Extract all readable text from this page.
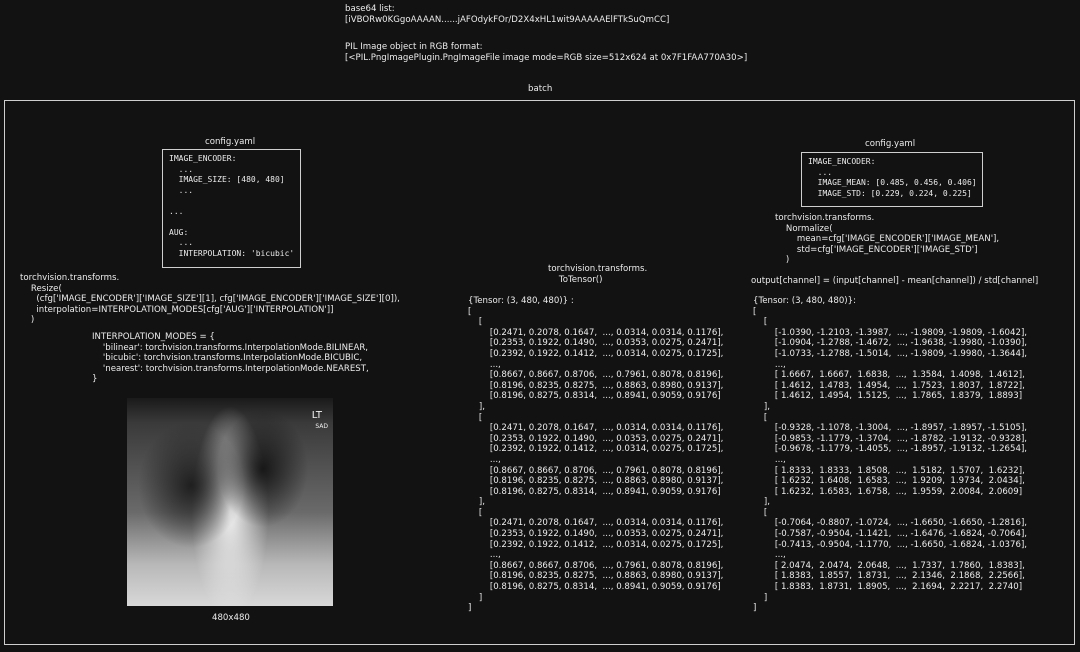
base64 list:
[iVBORw0KGgoAAAAN......jAFOdykFOr/D2X4xHL1wit9AAAAAElFTkSuQmCC]
PIL Image object in RGB format:
[<PIL.PngImagePlugin.PngImageFile image mode=RGB size=512x624 at 0x7F1FAA770A30>]
batch
config.yaml
IMAGE_ENCODER:
...
IMAGE_SIZE: [480, 480]
...

...

AUG:
...
INTERPOLATION: 'bicubic'
torchvision.transforms.
Resize(
(cfg['IMAGE_ENCODER']['IMAGE_SIZE'][1], cfg['IMAGE_ENCODER']['IMAGE_SIZE'][0]),
interpolation=INTERPOLATION_MODES[cfg['AUG']['INTERPOLATION']]
)
INTERPOLATION_MODES = {
'bilinear': torchvision.transforms.InterpolationMode.BILINEAR,
'bicubic': torchvision.transforms.InterpolationMode.BICUBIC,
'nearest': torchvision.transforms.InterpolationMode.NEAREST,
}
LT
SAD
480x480
torchvision.transforms.
ToTensor()
{Tensor: (3, 480, 480)} :
[
[
[0.2471, 0.2078, 0.1647,  ..., 0.0314, 0.0314, 0.1176],
[0.2353, 0.1922, 0.1490,  ..., 0.0353, 0.0275, 0.2471],
[0.2392, 0.1922, 0.1412,  ..., 0.0314, 0.0275, 0.1725],
...,
[0.8667, 0.8667, 0.8706,  ..., 0.7961, 0.8078, 0.8196],
[0.8196, 0.8235, 0.8275,  ..., 0.8863, 0.8980, 0.9137],
[0.8196, 0.8275, 0.8314,  ..., 0.8941, 0.9059, 0.9176]
],
[
[0.2471, 0.2078, 0.1647,  ..., 0.0314, 0.0314, 0.1176],
[0.2353, 0.1922, 0.1490,  ..., 0.0353, 0.0275, 0.2471],
[0.2392, 0.1922, 0.1412,  ..., 0.0314, 0.0275, 0.1725],
...,
[0.8667, 0.8667, 0.8706,  ..., 0.7961, 0.8078, 0.8196],
[0.8196, 0.8235, 0.8275,  ..., 0.8863, 0.8980, 0.9137],
[0.8196, 0.8275, 0.8314,  ..., 0.8941, 0.9059, 0.9176]
],
[
[0.2471, 0.2078, 0.1647,  ..., 0.0314, 0.0314, 0.1176],
[0.2353, 0.1922, 0.1490,  ..., 0.0353, 0.0275, 0.2471],
[0.2392, 0.1922, 0.1412,  ..., 0.0314, 0.0275, 0.1725],
...,
[0.8667, 0.8667, 0.8706,  ..., 0.7961, 0.8078, 0.8196],
[0.8196, 0.8235, 0.8275,  ..., 0.8863, 0.8980, 0.9137],
[0.8196, 0.8275, 0.8314,  ..., 0.8941, 0.9059, 0.9176]
]
]
config.yaml
IMAGE_ENCODER:
...
IMAGE_MEAN: [0.485, 0.456, 0.406]
IMAGE_STD: [0.229, 0.224, 0.225]
torchvision.transforms.
Normalize(
mean=cfg['IMAGE_ENCODER']['IMAGE_MEAN'],
std=cfg['IMAGE_ENCODER']['IMAGE_STD']
)
output[channel] = (input[channel] - mean[channel]) / std[channel]
{Tensor: (3, 480, 480)}:
[
[
[-1.0390, -1.2103, -1.3987,  ..., -1.9809, -1.9809, -1.6042],
[-1.0904, -1.2788, -1.4672,  ..., -1.9638, -1.9980, -1.0390],
[-1.0733, -1.2788, -1.5014,  ..., -1.9809, -1.9980, -1.3644],
...,
[ 1.6667,  1.6667,  1.6838,  ...,  1.3584,  1.4098,  1.4612],
[ 1.4612,  1.4783,  1.4954,  ...,  1.7523,  1.8037,  1.8722],
[ 1.4612,  1.4954,  1.5125,  ...,  1.7865,  1.8379,  1.8893]
],
[
[-0.9328, -1.1078, -1.3004,  ..., -1.8957, -1.8957, -1.5105],
[-0.9853, -1.1779, -1.3704,  ..., -1.8782, -1.9132, -0.9328],
[-0.9678, -1.1779, -1.4055,  ..., -1.8957, -1.9132, -1.2654],
...,
[ 1.8333,  1.8333,  1.8508,  ...,  1.5182,  1.5707,  1.6232],
[ 1.6232,  1.6408,  1.6583,  ...,  1.9209,  1.9734,  2.0434],
[ 1.6232,  1.6583,  1.6758,  ...,  1.9559,  2.0084,  2.0609]
],
[
[-0.7064, -0.8807, -1.0724,  ..., -1.6650, -1.6650, -1.2816],
[-0.7587, -0.9504, -1.1421,  ..., -1.6476, -1.6824, -0.7064],
[-0.7413, -0.9504, -1.1770,  ..., -1.6650, -1.6824, -1.0376],
...,
[ 2.0474,  2.0474,  2.0648,  ...,  1.7337,  1.7860,  1.8383],
[ 1.8383,  1.8557,  1.8731,  ...,  2.1346,  2.1868,  2.2566],
[ 1.8383,  1.8731,  1.8905,  ...,  2.1694,  2.2217,  2.2740]
]
]
